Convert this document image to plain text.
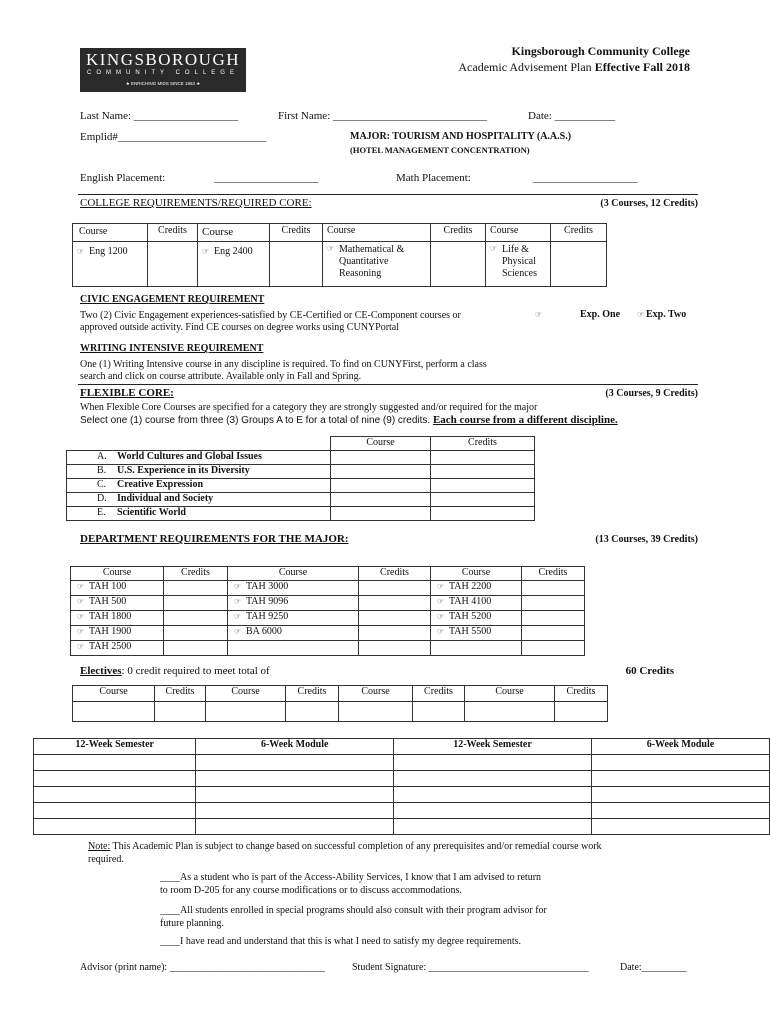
KINGSBOROUGH
COMMUNITY COLLEGE
★ ENRICHING MIDS SINCE 1963 ★
Kingsborough Community College
Academic Advisement Plan Effective Fall 2018
Last Name: ___________________	First Name: ____________________________	Date: ___________
Emplid#___________________________	MAJOR: TOURISM AND HOSPITALITY (A.A.S.)
(HOTEL MANAGEMENT CONCENTRATION)
English Placement:	___________________	Math Placement:	___________________
COLLEGE REQUIREMENTS/REQUIRED CORE:	(3 Courses, 12 Credits)
Course	Credits	Course	Credits	Course	Credits	Course	Credits
☞ Eng 1200		☞ Eng 2400		☞ Mathematical & Quantitative Reasoning		☞ Life & Physical Sciences	

CIVIC ENGAGEMENT REQUIREMENT
Two (2) Civic Engagement experiences-satisfied by CE-Certified or CE-Component courses or
approved outside activity. Find CE courses on degree works using CUNYPortal
☞	Exp. One ☞ Exp. Two
WRITING INTENSIVE REQUIREMENT
One (1) Writing Intensive course in any discipline is required. To find on CUNYFirst, perform a class
search and click on course attribute. Available only in Fall and Spring.
FLEXIBLE CORE:	(3 Courses, 9 Credits)
When Flexible Core Courses are specified for a category they are strongly suggested and/or required for the major
Select one (1) course from three (3) Groups A to E for a total of nine (9) credits. Each course from a different discipline.
	Course	Credits
A. World Cultures and Global Issues		
B. U.S. Experience in its Diversity		
C. Creative Expression		
D. Individual and Society		
E. Scientific World		
DEPARTMENT REQUIREMENTS FOR THE MAJOR:	(13 Courses, 39 Credits)
Course	Credits	Course	Credits	Course	Credits
☞ TAH 100		☞ TAH 3000		☞ TAH 2200	
☞ TAH 500		☞ TAH 9096		☞ TAH 4100	
☞ TAH 1800		☞ TAH 9250		☞ TAH 5200	
☞ TAH 1900		☞ BA 6000		☞ TAH 5500	
☞ TAH 2500					
Electives: 0 credit required to meet total of	60 Credits
Course	Credits	Course	Credits	Course	Credits	Course	Credits

12-Week Semester	6-Week Module	12-Week Semester	6-Week Module

Note: This Academic Plan is subject to change based on successful completion of any prerequisites and/or remedial course work
required.
____As a student who is part of the Access-Ability Services, I know that I am advised to return
to room D-205 for any course modifications or to discuss accommodations.
____All students enrolled in special programs should also consult with their program advisor for
future planning.
____I have read and understand that this is what I need to satisfy my degree requirements.
Advisor (print name): _______________________________	Student Signature: ________________________________	Date:_________
